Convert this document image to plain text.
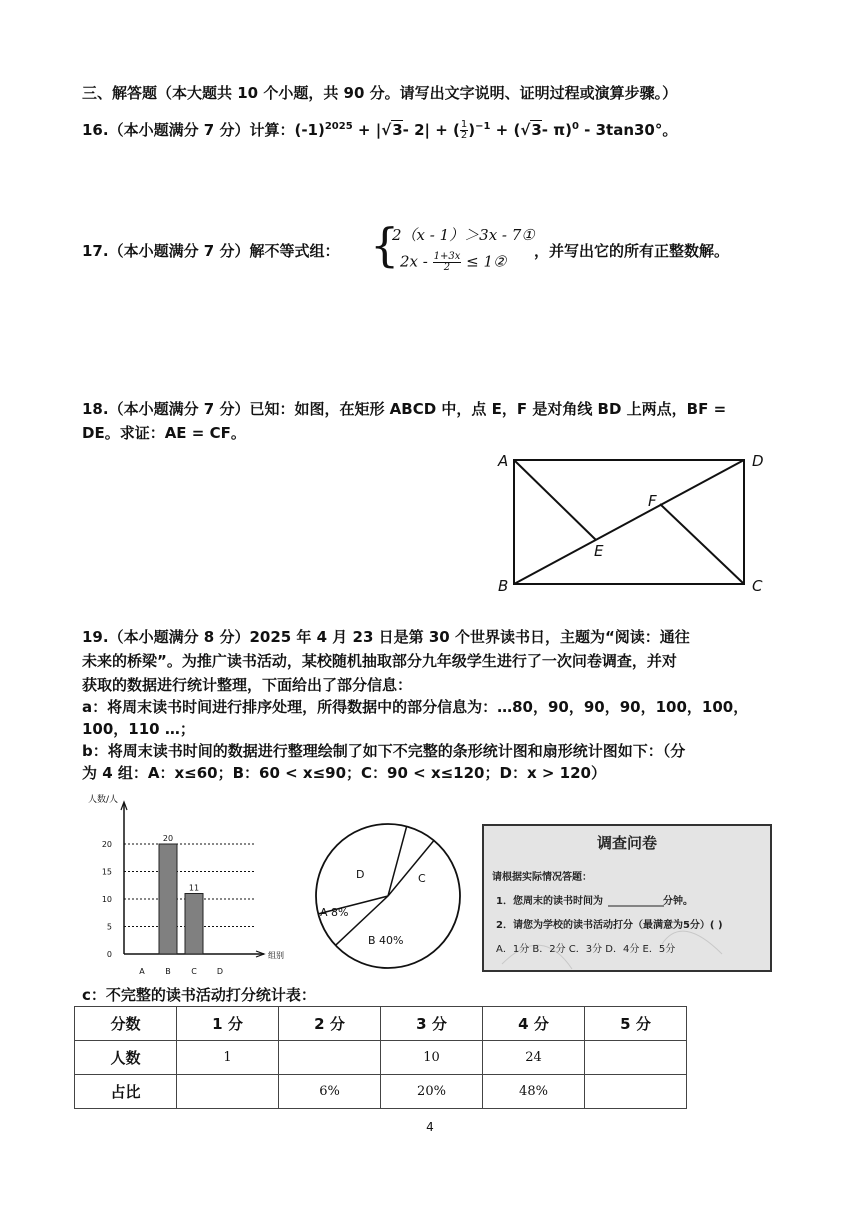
三、解答题（本大题共 10 个小题，共 90 分。请写出文字说明、证明过程或演算步骤。）
16.（本小题满分 7 分）计算：$(-1)^{2025} + |√3-$ 2| + ( $\frac{1}{2} )^{-1} + (√3-$ π)$^0$ - 3tan30°。
17.（本小题满分 7 分）解不等式组： {
2（x - 1）＞3x - 7①
$2x - \frac{1+3x}{2}$ ≤ 1②
，并写出它的所有正整数解。
18.（本小题满分 7 分）已知：如图，在矩形 ABCD 中，点 E，F 是对角线 BD 上两点，BF =
DE。求证：AE = CF。
A	D
B	C
E
F
19.（本小题满分 8 分）2025 年 4 月 23 日是第 30 个世界读书日，主题为“阅读：通往
未来的桥梁”。为推广读书活动，某校随机抽取部分九年级学生进行了一次问卷调查，并对
获取的数据进行统计整理，下面给出了部分信息：
a：将周末读书时间进行排序处理，所得数据中的部分信息为：…80，90，90，90，100，100，
100，110 …；
b：将周末读书时间的数据进行整理绘制了如下不完整的条形统计图和扇形统计图如下：（分
为 4 组：A：x≤60；B：60 < x≤90；C：90 < x≤120；D：x > 120）
人数/人
组别
0
5
10
15
20
A	B
20
C
11
D
A 8%
B 40%
C
D
调查问卷
请根据实际情况答题：
1．您周末的读书时间为	分钟。
2．请您为学校的读书活动打分（最满意为5分）( )
A．1分 B．2分 C．3分 D．4分 E．5分
c：不完整的读书活动打分统计表：
分数	1 分	2 分	3 分	4 分	5 分
人数	1		10	24	
占比		6%	20%	48%	
4
